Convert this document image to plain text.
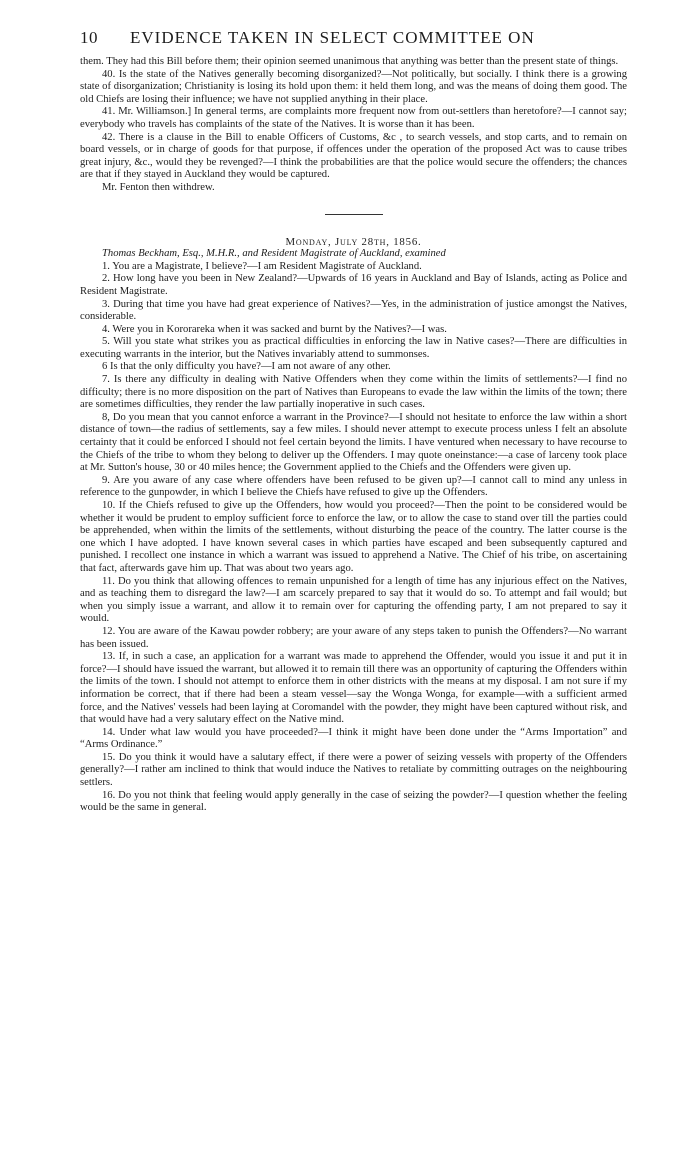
10 EVIDENCE TAKEN IN SELECT COMMITTEE ON

them. They had this Bill before them; their opinion seemed unanimous that anything was better than the present state of things.

40. Is the state of the Natives generally becoming disorganized?—Not politically, but socially. I think there is a growing state of disorganization; Christianity is losing its hold upon them: it held them long, and was the means of doing them good. The old Chiefs are losing their influence; we have not supplied anything in their place.

41. Mr. Williamson.] In general terms, are complaints more frequent now from out-settlers than heretofore?—I cannot say; everybody who travels has complaints of the state of the Natives. It is worse than it has been.

42. There is a clause in the Bill to enable Officers of Customs, &c , to search vessels, and stop carts, and to remain on board vessels, or in charge of goods for that purpose, if offences under the operation of the proposed Act was to cause tribes great injury, &c., would they be revenged?—I think the probabilities are that the police would secure the offenders; the chances are that if they stayed in Auckland they would be captured.

Mr. Fenton then withdrew.

Monday, July 28th, 1856.

Thomas Beckham, Esq., M.H.R., and Resident Magistrate of Auckland, examined

1. You are a Magistrate, I believe?—I am Resident Magistrate of Auckland.

2. How long have you been in New Zealand?—Upwards of 16 years in Auckland and Bay of Islands, acting as Police and Resident Magistrate.

3. During that time you have had great experience of Natives?—Yes, in the administration of justice amongst the Natives, considerable.

4. Were you in Kororareka when it was sacked and burnt by the Natives?—I was.

5. Will you state what strikes you as practical difficulties in enforcing the law in Native cases?—There are difficulties in executing warrants in the interior, but the Natives invariably attend to summonses.

6 Is that the only difficulty you have?—I am not aware of any other.

7. Is there any difficulty in dealing with Native Offenders when they come within the limits of settlements?—I find no difficulty; there is no more disposition on the part of Natives than Europeans to evade the law within the limits of the town; there are sometimes difficulties, they render the law partially inoperative in such cases.

8, Do you mean that you cannot enforce a warrant in the Province?—I should not hesitate to enforce the law within a short distance of town—the radius of settlements, say a few miles. I should never attempt to execute process unless I felt an absolute certainty that it could be enforced I should not feel certain beyond the limits. I have ventured when necessary to have recourse to the Chiefs of the tribe to whom they belong to deliver up the Offenders. I may quote oneinstance:—a case of larceny took place at Mr. Sutton's house, 30 or 40 miles hence; the Government applied to the Chiefs and the Offenders were given up.

9. Are you aware of any case where offenders have been refused to be given up?—I cannot call to mind any unless in reference to the gunpowder, in which I believe the Chiefs have refused to give up the Offenders.

10. If the Chiefs refused to give up the Offenders, how would you proceed?—Then the point to be considered would be whether it would be prudent to employ sufficient force to enforce the law, or to allow the case to stand over till the parties could be apprehended, when within the limits of the settlements, without disturbing the peace of the country. The latter course is the one which I have adopted. I have known several cases in which parties have escaped and been subsequently captured and punished. I recollect one instance in which a warrant was issued to apprehend a Native. The Chief of his tribe, on ascertaining that fact, afterwards gave him up. That was about two years ago.

11. Do you think that allowing offences to remain unpunished for a length of time has any injurious effect on the Natives, and as teaching them to disregard the law?—I am scarcely prepared to say that it would do so. To attempt and fail would; but when you simply issue a warrant, and allow it to remain over for capturing the offending party, I am not prepared to say it would.

12. You are aware of the Kawau powder robbery; are your aware of any steps taken to punish the Offenders?—No warrant has been issued.

13. If, in such a case, an application for a warrant was made to apprehend the Offender, would you issue it and put it in force?—I should have issued the warrant, but allowed it to remain till there was an opportunity of capturing the Offenders within the limits of the town. I should not attempt to enforce them in other districts with the means at my disposal. I am not sure if my information be correct, that if there had been a steam vessel—say the Wonga Wonga, for example—with a sufficient armed force, and the Natives' vessels had been laying at Coromandel with the powder, they might have been captured without risk, and that would have had a very salutary effect on the Native mind.

14. Under what law would you have proceeded?—I think it might have been done under the “Arms Importation” and “Arms Ordinance.”

15. Do you think it would have a salutary effect, if there were a power of seizing vessels with property of the Offenders generally?—I rather am inclined to think that would induce the Natives to retaliate by committing outrages on the neighbouring settlers.

16. Do you not think that feeling would apply generally in the case of seizing the powder?—I question whether the feeling would be the same in general.
